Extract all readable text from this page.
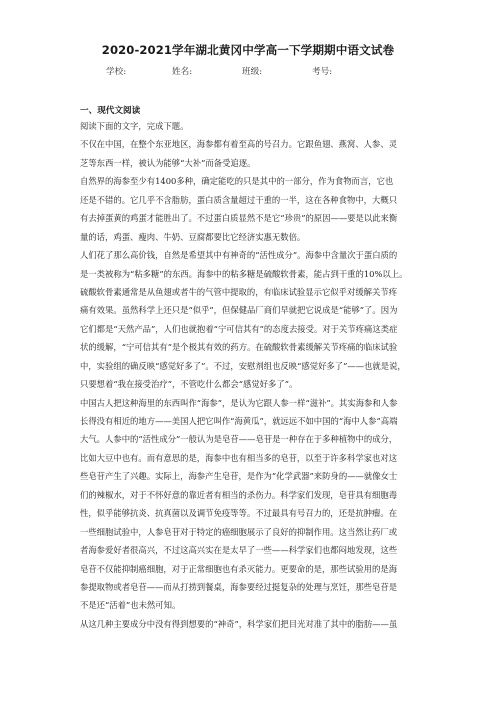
2020-2021学年湖北黄冈中学高一下学期期中语文试卷
学校:	姓名:	班级:	考号:
一、现代文阅读
阅读下面的文字，完成下题。
不仅在中国，在整个东亚地区，海参都有着至高的号召力。它跟鱼翅、燕窝、人参、灵
芝等东西一样，被认为能够“大补”而备受追逐。
自然界的海参至少有1400多种，确定能吃的只是其中的一部分，作为食物而言，它也
还是不错的。它几乎不含脂肪，蛋白质含量超过干重的一半，这在各种食物中，大概只
有去掉蛋黄的鸡蛋才能胜出了。不过蛋白质显然不是它“珍贵”的原因——要是以此来衡
量的话，鸡蛋、瘦肉、牛奶、豆腐都要比它经济实惠无数倍。
人们花了那么高价钱，自然是希望其中有神奇的“活性成分”。海参中含量次于蛋白质的
是一类被称为“粘多糖”的东西。海参中的粘多糖是硫酸软骨素，能占到干重的10%以上。
硫酸软骨素通常是从鱼翅或者牛的气管中提取的，有临床试验显示它似乎对缓解关节疼
痛有效果。虽然科学上还只是“似乎”，但保健品厂商们早就把它说成是“能够”了。因为
它们都是“天然产品”，人们也就抱着“宁可信其有”的态度去接受。对于关节疼痛这类症
状的缓解，“宁可信其有”是个极其有效的药方。在硫酸软骨素缓解关节疼痛的临床试验
中，实验组的确反映“感觉好多了”。不过，安慰剂组也反映“感觉好多了”——也就是说，
只要想着“我在接受治疗”，不管吃什么都会“感觉好多了”。
中国古人把这种海里的东西叫作“海参”，是认为它跟人参一样“滋补”。其实海参和人参
长得没有相近的地方——美国人把它叫作“海黄瓜”，就远远不如中国的“海中人参”高端
大气。人参中的“活性成分”一般认为是皂苷——皂苷是一种存在于多种植物中的成分，
比如大豆中也有。而有意思的是，海参中也有相当多的皂苷，以至于许多科学家也对这
些皂苷产生了兴趣。实际上，海参产生皂苷，是作为“化学武器”来防身的——就像女士
们的辣椒水，对于不怀好意的靠近者有相当的杀伤力。科学家们发现，皂苷具有细胞毒
性，似乎能够抗炎、抗真菌以及调节免疫等等。不过最具有号召力的，还是抗肿瘤。在
一些细胞试验中，人参皂苷对于特定的癌细胞展示了良好的抑制作用。这当然让药厂或
者海参爱好者很高兴，不过这高兴实在是太早了一些——科学家们也都闷地发现，这些
皂苷不仅能抑制癌细胞，对于正常细胞也有杀灭能力。更要命的是，那些试验用的是海
参提取物或者皂苷——而从打捞到餐桌，海参要经过挺复杂的处理与烹饪，那些皂苷是
不是还“活着”也未然可知。
从这几种主要成分中没有得到想要的“神奇”，科学家们把目光对准了其中的脂肪——虽
